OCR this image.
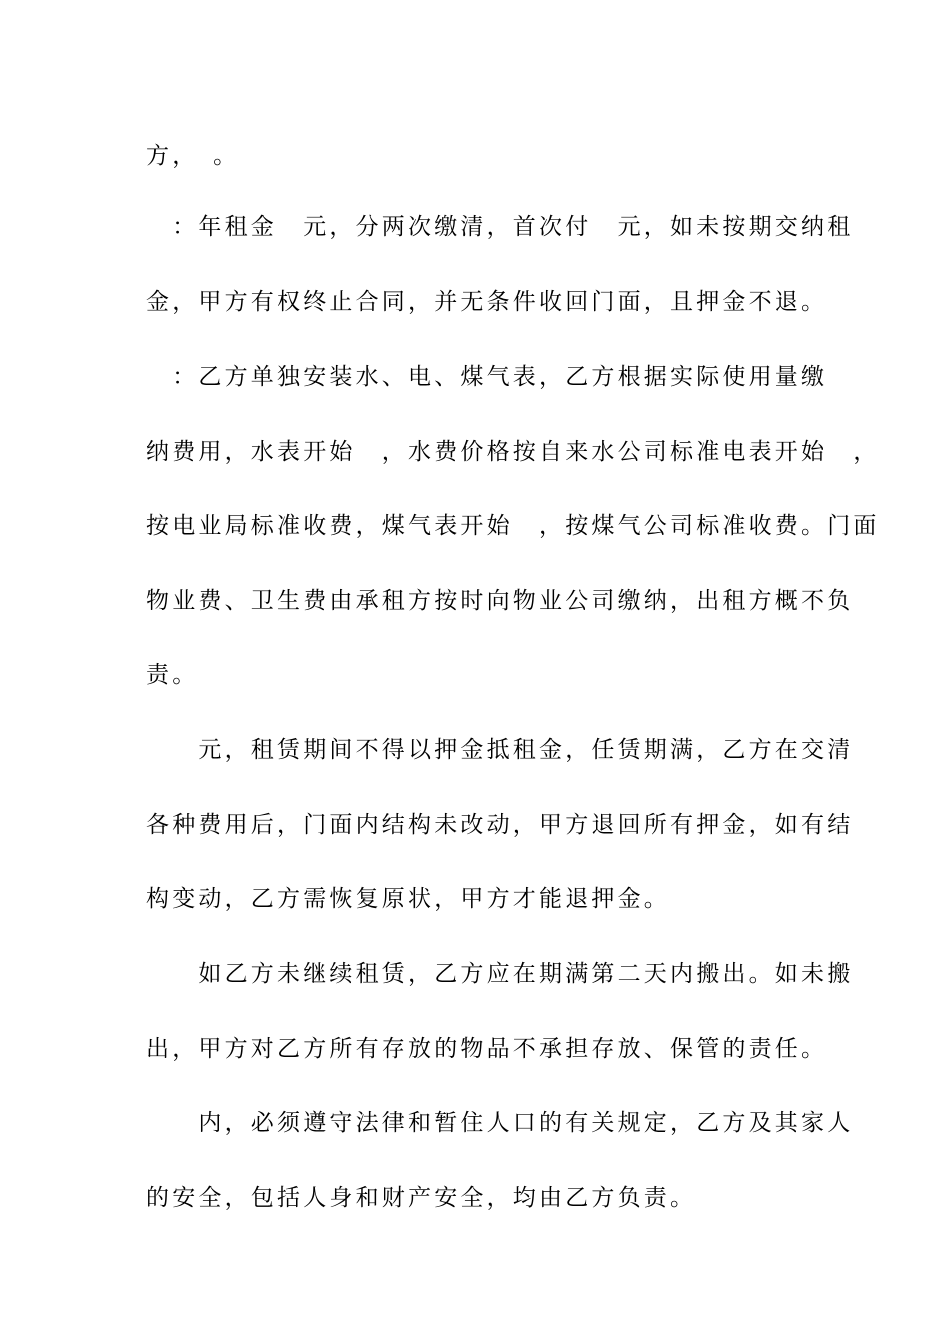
方，　。
　：年租金　元，分两次缴清，首次付　元，如未按期交纳租
金，甲方有权终止合同，并无条件收回门面，且押金不退。
　：乙方单独安装水、电、煤气表，乙方根据实际使用量缴
纳费用，水表开始　，水费价格按自来水公司标准电表开始　，
按电业局标准收费，煤气表开始　，按煤气公司标准收费。门面
物业费、卫生费由承租方按时向物业公司缴纳，出租方概不负
责。
　　元，租赁期间不得以押金抵租金，任赁期满，乙方在交清
各种费用后，门面内结构未改动，甲方退回所有押金，如有结
构变动，乙方需恢复原状，甲方才能退押金。
　　如乙方未继续租赁，乙方应在期满第二天内搬出。如未搬
出，甲方对乙方所有存放的物品不承担存放、保管的责任。
　　内，必须遵守法律和暂住人口的有关规定，乙方及其家人
的安全，包括人身和财产安全，均由乙方负责。
